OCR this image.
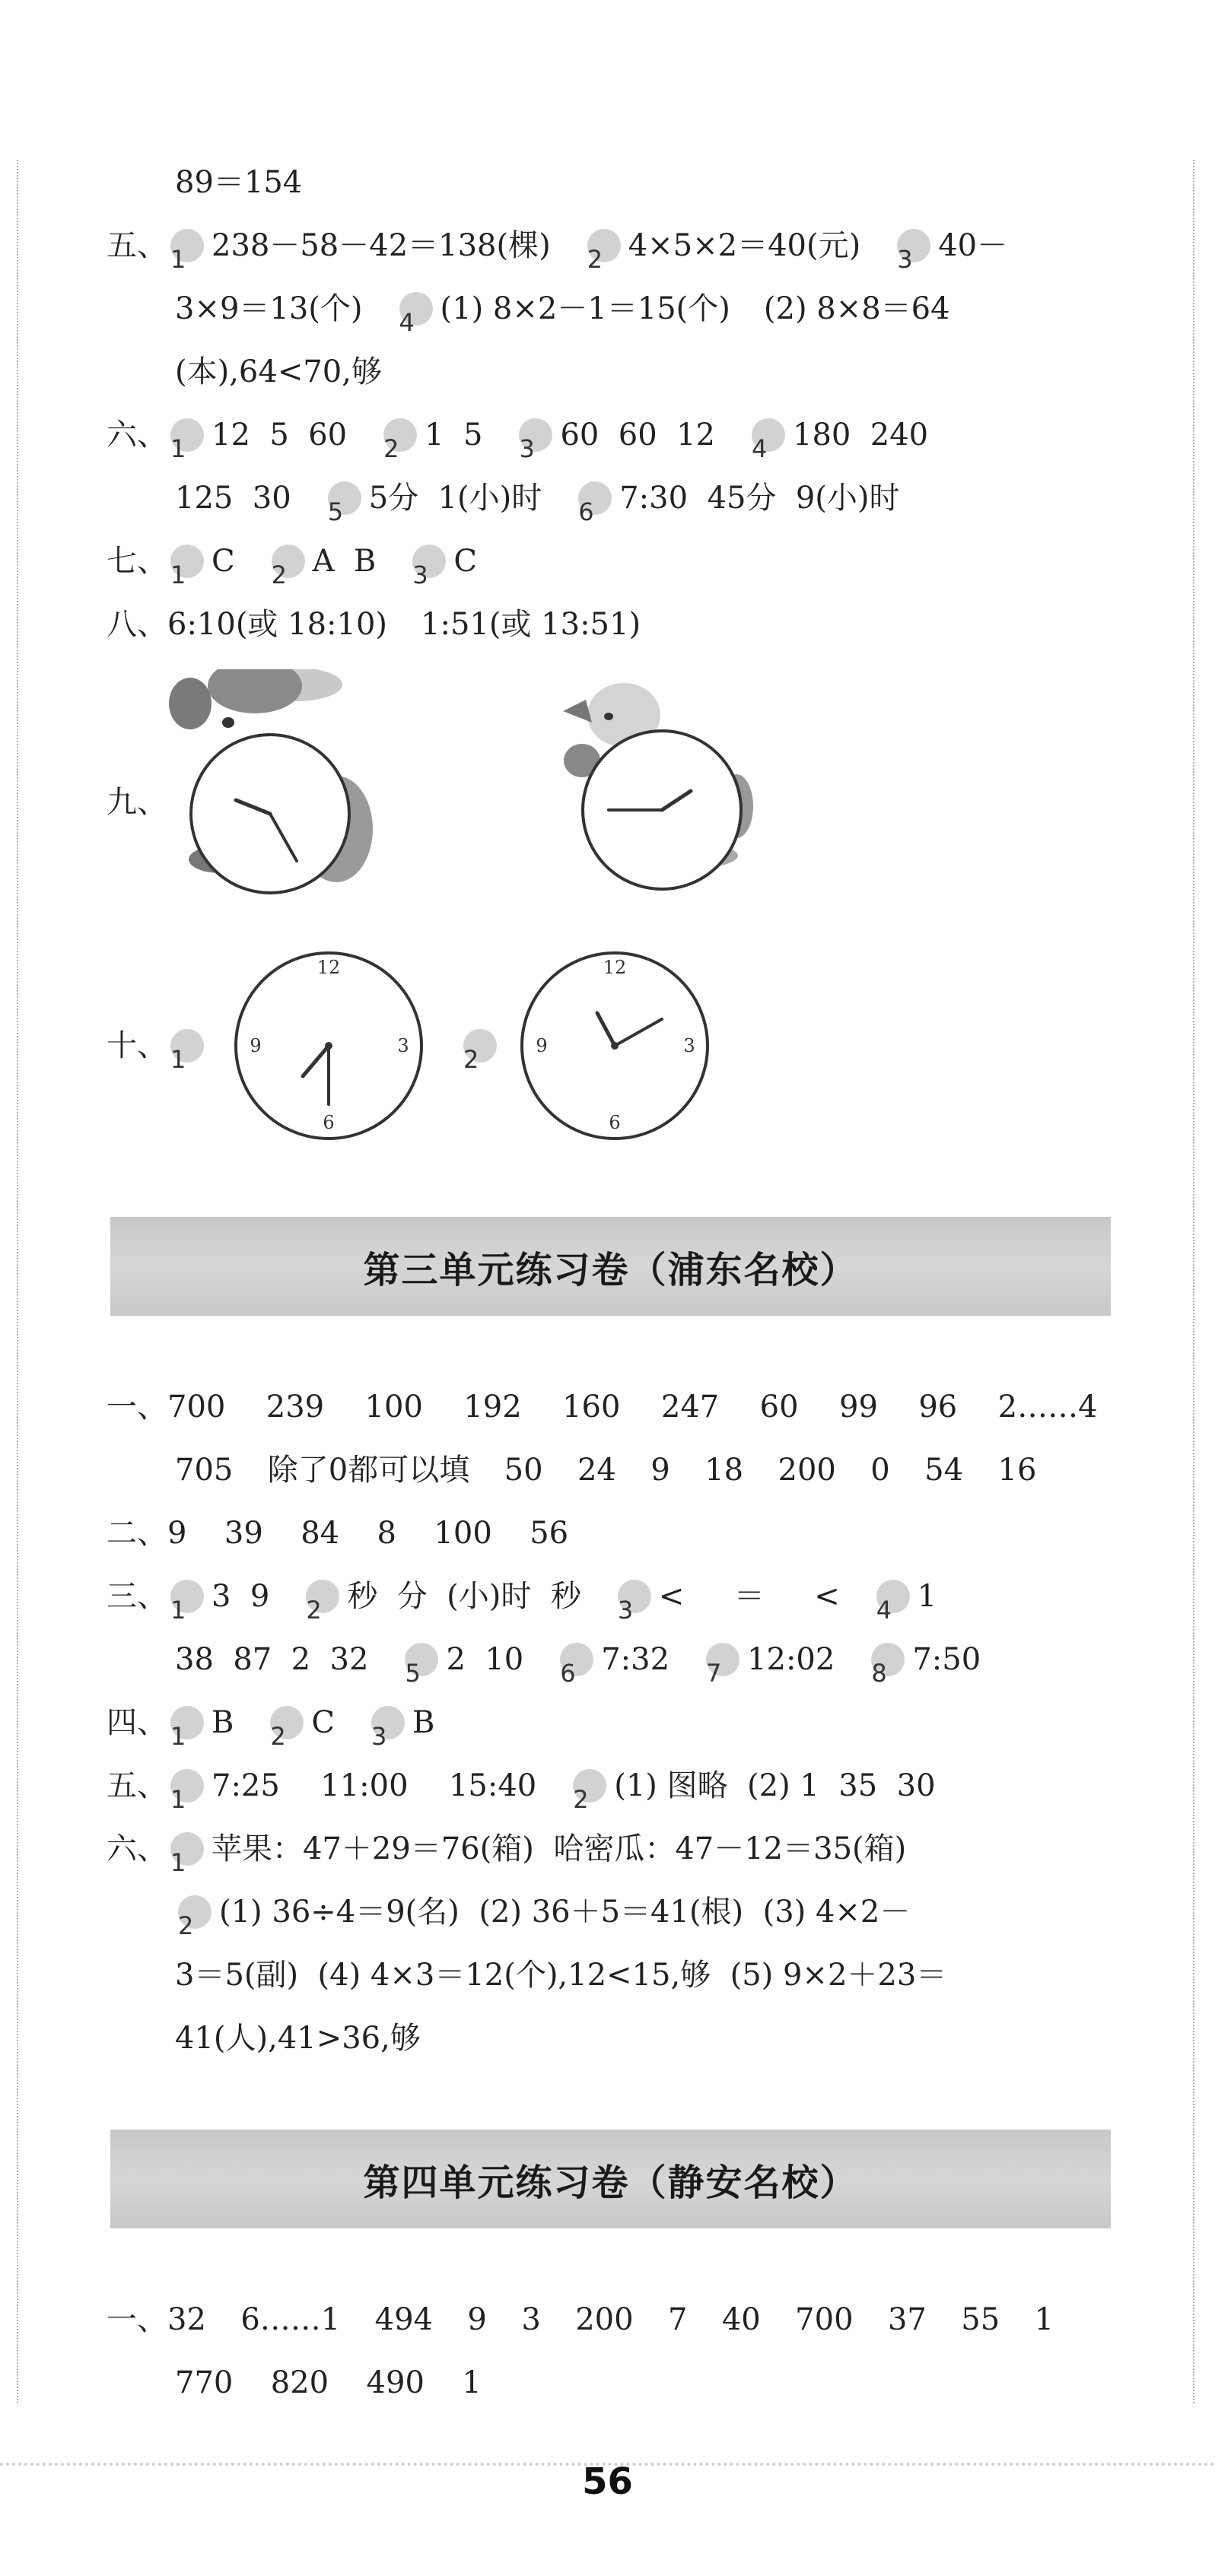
89＝154
五、 1 238－58－42＝138(棵) 2 4×5×2＝40(元) 3 40－
3×9＝13(个) 4 (1) 8×2－1＝15(个) (2) 8×8＝64
(本),64<70,够
六、 1 12  5  60 2 1  5 3 60  60  12 4 180  240
125  30 5 5分  1(小)时 6 7:30  45分  9(小)时
七、 1 C 2 A  B 3 C
八、 6:10(或 18:10) 1:51(或 13:51)
九、
十、 1	2
12
3
6
9
12
3
6
9
第三单元练习卷（浦东名校）
一、 700  239  100  192  160  247  60  99  96  2……4
705  除了0都可以填  50  24  9  18  200  0  54  16
二、 9  39  84  8  100  56
三、 1 3  9 2 秒  分  (小)时  秒 3 <  ＝  < 4 1
38  87  2  32 5 2  10 6 7:32 7 12:02 8 7:50
四、 1 B 2 C 3 B
五、 1 7:25  11:00  15:40 2 (1) 图略  (2) 1  35  30
六、 1 苹果：47＋29＝76(箱)  哈密瓜：47－12＝35(箱)
2 (1) 36÷4＝9(名)  (2) 36＋5＝41(根)  (3) 4×2－
3＝5(副)  (4) 4×3＝12(个),12<15,够  (5) 9×2＋23＝
41(人),41>36,够
第四单元练习卷（静安名校）
一、 32  6……1  494  9  3  200  7  40  700  37  55  1
770  820  490  1
56
